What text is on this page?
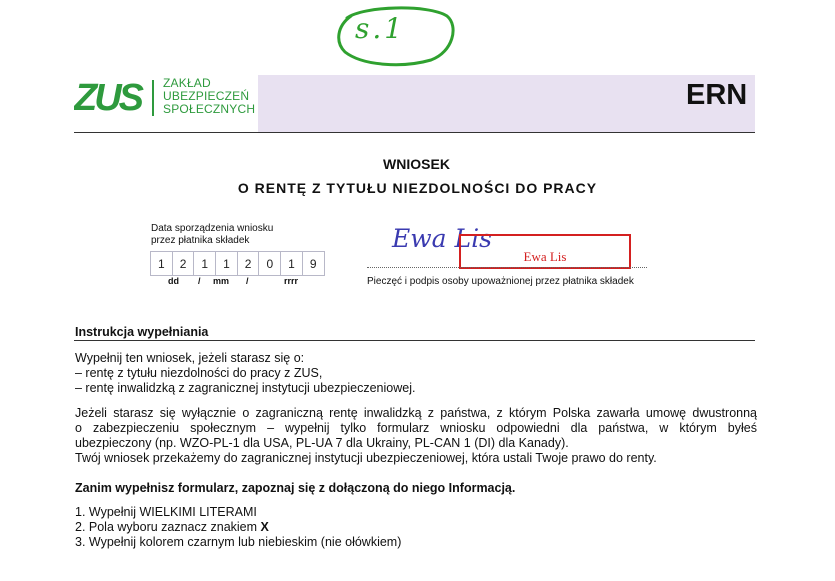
s.1
ZUS ZAKŁAD
UBEZPIECZEŃ
SPOŁECZNYCH	ERN
WNIOSEK
O RENTĘ Z TYTUŁU NIEZDOLNOŚCI DO PRACY
Data sporządzenia wniosku
przez płatnika składek
1	2	1	1	2	0	1	9
dd / mm /	rrrr
Ewa Lis
Ewa Lis
Pieczęć i podpis osoby upoważnionej przez płatnika składek
Instrukcja wypełniania
Wypełnij ten wniosek, jeżeli starasz się o:
– rentę z tytułu niezdolności do pracy z ZUS,
– rentę inwalidzką z zagranicznej instytucji ubezpieczeniowej.
Jeżeli starasz się wyłącznie o zagraniczną rentę inwalidzką z państwa, z którym Polska zawarła umowę dwustronną
o zabezpieczeniu społecznym – wypełnij tylko formularz wniosku odpowiedni dla państwa, w którym byłeś
ubezpieczony (np. WZO-PL-1 dla USA, PL-UA 7 dla Ukrainy, PL-CAN 1 (DI) dla Kanady).
Twój wniosek przekażemy do zagranicznej instytucji ubezpieczeniowej, która ustali Twoje prawo do renty.
Zanim wypełnisz formularz, zapoznaj się z dołączoną do niego Informacją.
1. Wypełnij WIELKIMI LITERAMI
2. Pola wyboru zaznacz znakiem X
3. Wypełnij kolorem czarnym lub niebieskim (nie ołówkiem)
